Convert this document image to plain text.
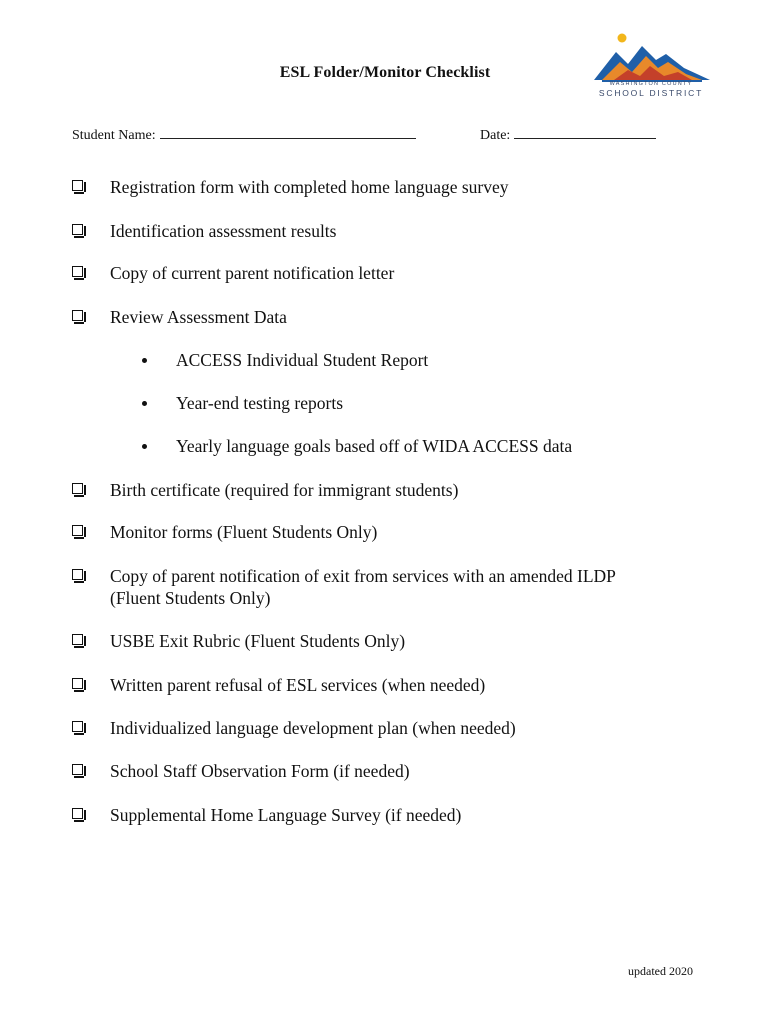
ESL Folder/Monitor Checklist
WASHINGTON COUNTY
SCHOOL DISTRICT
Student Name:	Date:
Registration form with completed home language survey
Identification assessment results
Copy of current parent notification letter
Review Assessment Data
ACCESS Individual Student Report
Year-end testing reports
Yearly language goals based off of WIDA ACCESS data
Birth certificate (required for immigrant students)
Monitor forms (Fluent Students Only)
Copy of parent notification of exit from services with an amended ILDP
(Fluent Students Only)
USBE Exit Rubric (Fluent Students Only)
Written parent refusal of ESL services (when needed)
Individualized language development plan (when needed)
School Staff Observation Form (if needed)
Supplemental Home Language Survey (if needed)
updated 2020
